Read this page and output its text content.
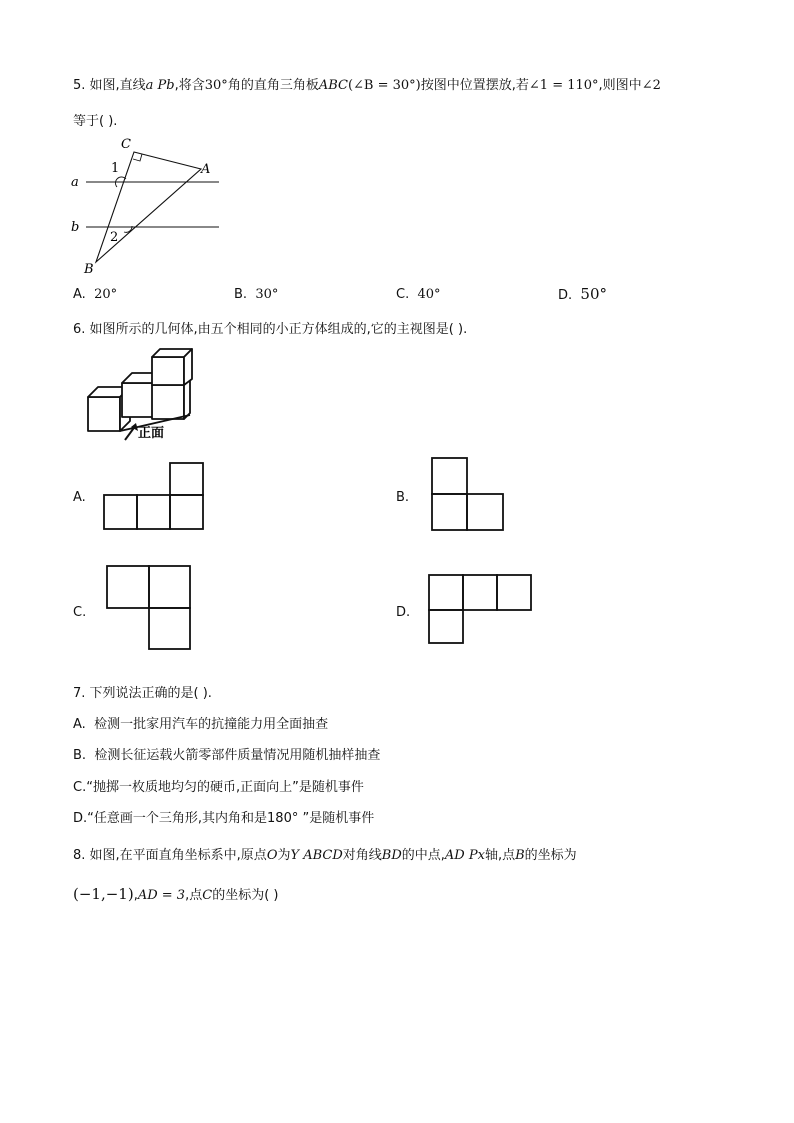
5. 如图,直线a Pb,将含30°角的直角三角板ABC(∠B = 30°)按图中位置摆放,若∠1 = 110°,则图中∠2
等于( ).
C
A
B
a
b
1
2
A. 20°	B. 30°	C. 40°	D. 50°
6. 如图所示的几何体,由五个相同的小正方体组成的,它的主视图是( ).
正面
A.	B.
C.	D.
7. 下列说法正确的是( ).
A. 检测一批家用汽车的抗撞能力用全面抽查
B. 检测长征运载火箭零部件质量情况用随机抽样抽查
C.“抛掷一枚质地均匀的硬币,正面向上”是随机事件
D.“任意画一个三角形,其内角和是180° ”是随机事件
8. 如图,在平面直角坐标系中,原点O为Y ABCD对角线BD的中点,AD Px轴,点B的坐标为
(−1,−1),AD = 3,点C的坐标为( )
